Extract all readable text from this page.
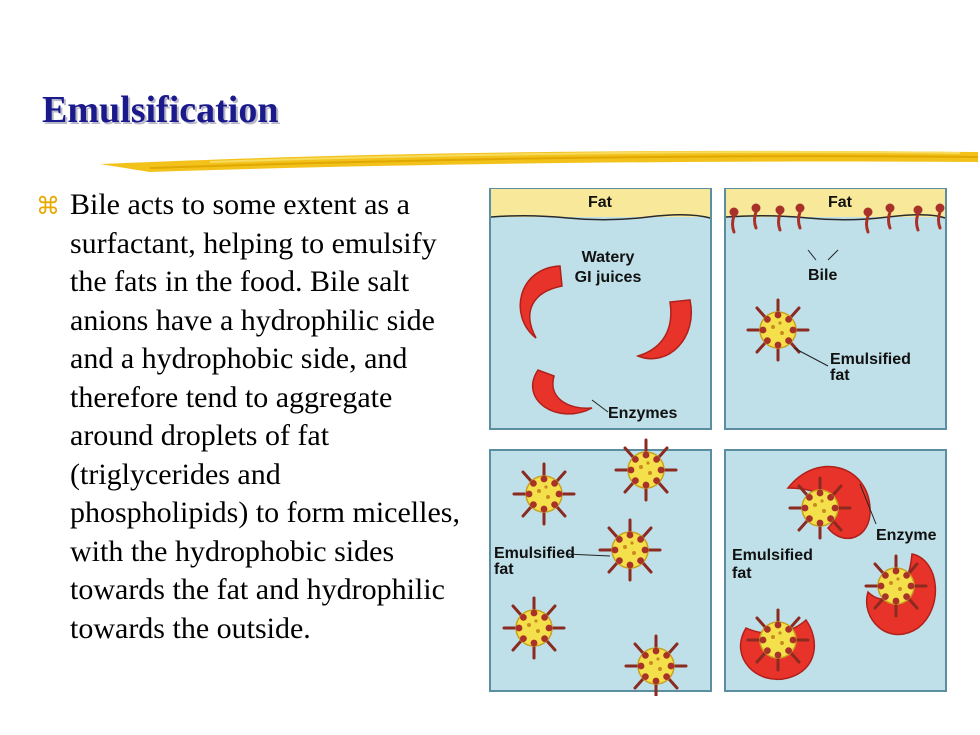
Emulsification
⌘ Bile acts to some extent as a surfactant, helping to emulsify the fats in the food. Bile salt anions have a hydrophilic side and a hydrophobic side, and therefore tend to aggregate around droplets of fat (triglycerides and phospholipids) to form micelles, with the hydrophobic sides towards the fat and hydrophilic towards the outside.

Fat
Watery
GI juices
Enzymes
Fat
Bile
Emulsified
fat
Emulsified
fat
Enzyme
Emulsified
fat
